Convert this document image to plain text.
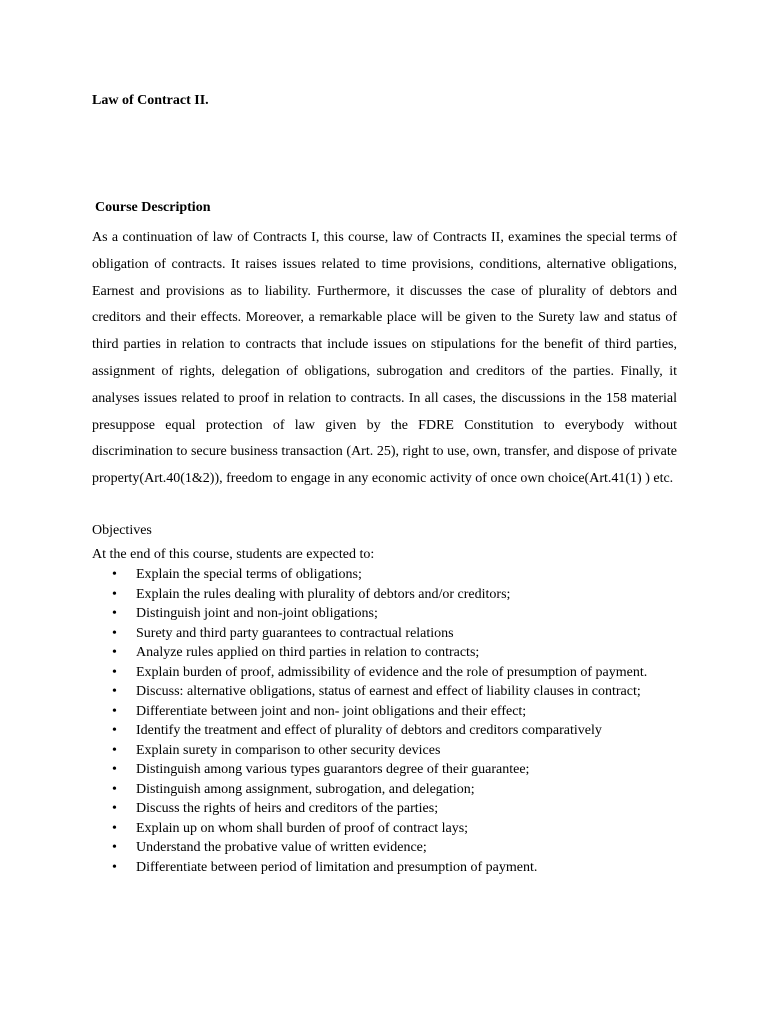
Law of Contract II.
Course Description

As a continuation of law of Contracts I, this course, law of Contracts II, examines the special terms of obligation of contracts. It raises issues related to time provisions, conditions, alternative obligations, Earnest and provisions as to liability. Furthermore, it discusses the case of plurality of debtors and creditors and their effects. Moreover, a remarkable place will be given to the Surety law and status of third parties in relation to contracts that include issues on stipulations for the benefit of third parties, assignment of rights, delegation of obligations, subrogation and creditors of the parties. Finally, it analyses issues related to proof in relation to contracts. In all cases, the discussions in the 158 material presuppose equal protection of law given by the FDRE Constitution to everybody without discrimination to secure business transaction (Art. 25), right to use, own, transfer, and dispose of private property(Art.40(1&2)), freedom to engage in any economic activity of once own choice(Art.41(1) ) etc.

Objectives
At the end of this course, students are expected to:
• Explain the special terms of obligations;
• Explain the rules dealing with plurality of debtors and/or creditors;
• Distinguish joint and non-joint obligations;
• Surety and third party guarantees to contractual relations
• Analyze rules applied on third parties in relation to contracts;
• Explain burden of proof, admissibility of evidence and the role of presumption of payment.
• Discuss: alternative obligations, status of earnest and effect of liability clauses in contract;
• Differentiate between joint and non- joint obligations and their effect;
• Identify the treatment and effect of plurality of debtors and creditors comparatively
• Explain surety in comparison to other security devices
• Distinguish among various types guarantors degree of their guarantee;
• Distinguish among assignment, subrogation, and delegation;
• Discuss the rights of heirs and creditors of the parties;
• Explain up on whom shall burden of proof of contract lays;
• Understand the probative value of written evidence;
• Differentiate between period of limitation and presumption of payment.
